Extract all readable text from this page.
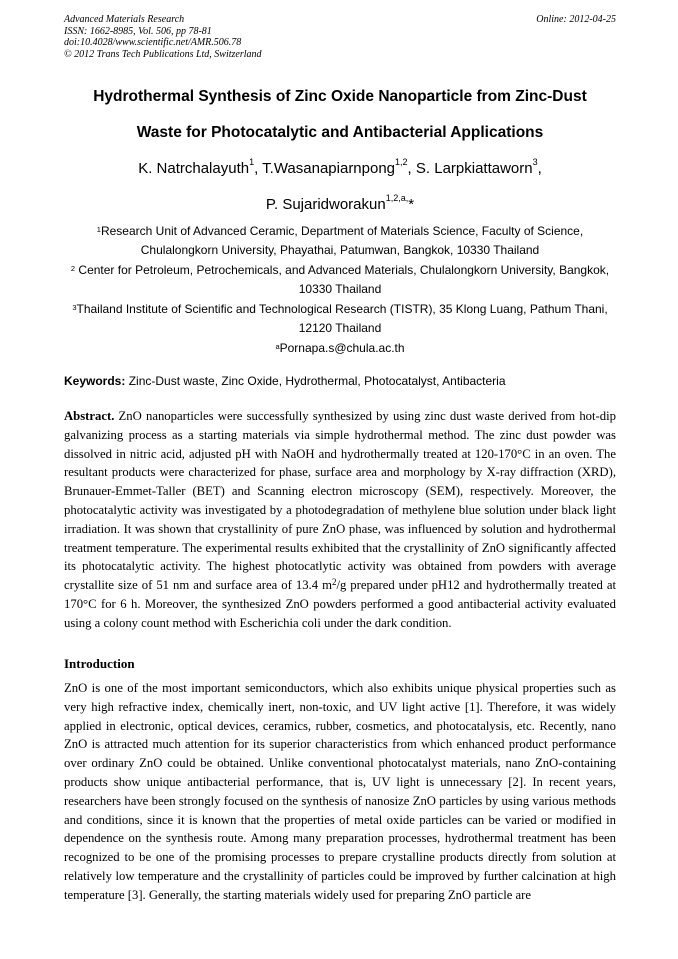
Advanced Materials Research
ISSN: 1662-8985, Vol. 506, pp 78-81
doi:10.4028/www.scientific.net/AMR.506.78
© 2012 Trans Tech Publications Ltd, Switzerland
Online: 2012-04-25
Hydrothermal Synthesis of Zinc Oxide Nanoparticle from Zinc-Dust
Waste for Photocatalytic and Antibacterial Applications
K. Natrchalayuth$^1$, T.Wasanapiarnpong$^{1,2}$, S. Larpkiattaworn$^3$,
P. Sujaridworakun$^{1,2,a,}$*
$^1$Research Unit of Advanced Ceramic, Department of Materials Science, Faculty of Science, Chulalongkorn University, Phayathai, Patumwan, Bangkok, 10330 Thailand
$^2$ Center for Petroleum, Petrochemicals, and Advanced Materials, Chulalongkorn University, Bangkok, 10330 Thailand
$^3$Thailand Institute of Scientific and Technological Research (TISTR), 35 Klong Luang, Pathum Thani, 12120 Thailand
$^a$Pornapa.s@chula.ac.th
Keywords: Zinc-Dust waste, Zinc Oxide, Hydrothermal, Photocatalyst, Antibacteria
Abstract. ZnO nanoparticles were successfully synthesized by using zinc dust waste derived from hot-dip galvanizing process as a starting materials via simple hydrothermal method. The zinc dust powder was dissolved in nitric acid, adjusted pH with NaOH and hydrothermally treated at 120-170°C in an oven. The resultant products were characterized for phase, surface area and morphology by X-ray diffraction (XRD), Brunauer-Emmet-Taller (BET) and Scanning electron microscopy (SEM), respectively. Moreover, the photocatalytic activity was investigated by a photodegradation of methylene blue solution under black light irradiation. It was shown that crystallinity of pure ZnO phase, was influenced by solution and hydrothermal treatment temperature. The experimental results exhibited that the crystallinity of ZnO significantly affected its photocatalytic activity. The highest photocatlytic activity was obtained from powders with average crystallite size of 51 nm and surface area of 13.4 $m^2/g$ prepared under pH12 and hydrothermally treated at 170°C for 6 h. Moreover, the synthesized ZnO powders performed a good antibacterial activity evaluated using a colony count method with Escherichia coli under the dark condition.
Introduction
ZnO is one of the most important semiconductors, which also exhibits unique physical properties such as very high refractive index, chemically inert, non-toxic, and UV light active [1]. Therefore, it was widely applied in electronic, optical devices, ceramics, rubber, cosmetics, and photocatalysis, etc. Recently, nano ZnO is attracted much attention for its superior characteristics from which enhanced product performance over ordinary ZnO could be obtained. Unlike conventional photocatalyst materials, nano ZnO-containing products show unique antibacterial performance, that is, UV light is unnecessary [2]. In recent years, researchers have been strongly focused on the synthesis of nanosize ZnO particles by using various methods and conditions, since it is known that the properties of metal oxide particles can be varied or modified in dependence on the synthesis route. Among many preparation processes, hydrothermal treatment has been recognized to be one of the promising processes to prepare crystalline products directly from solution at relatively low temperature and the crystallinity of particles could be improved by further calcination at high temperature [3]. Generally, the starting materials widely used for preparing ZnO particle are
